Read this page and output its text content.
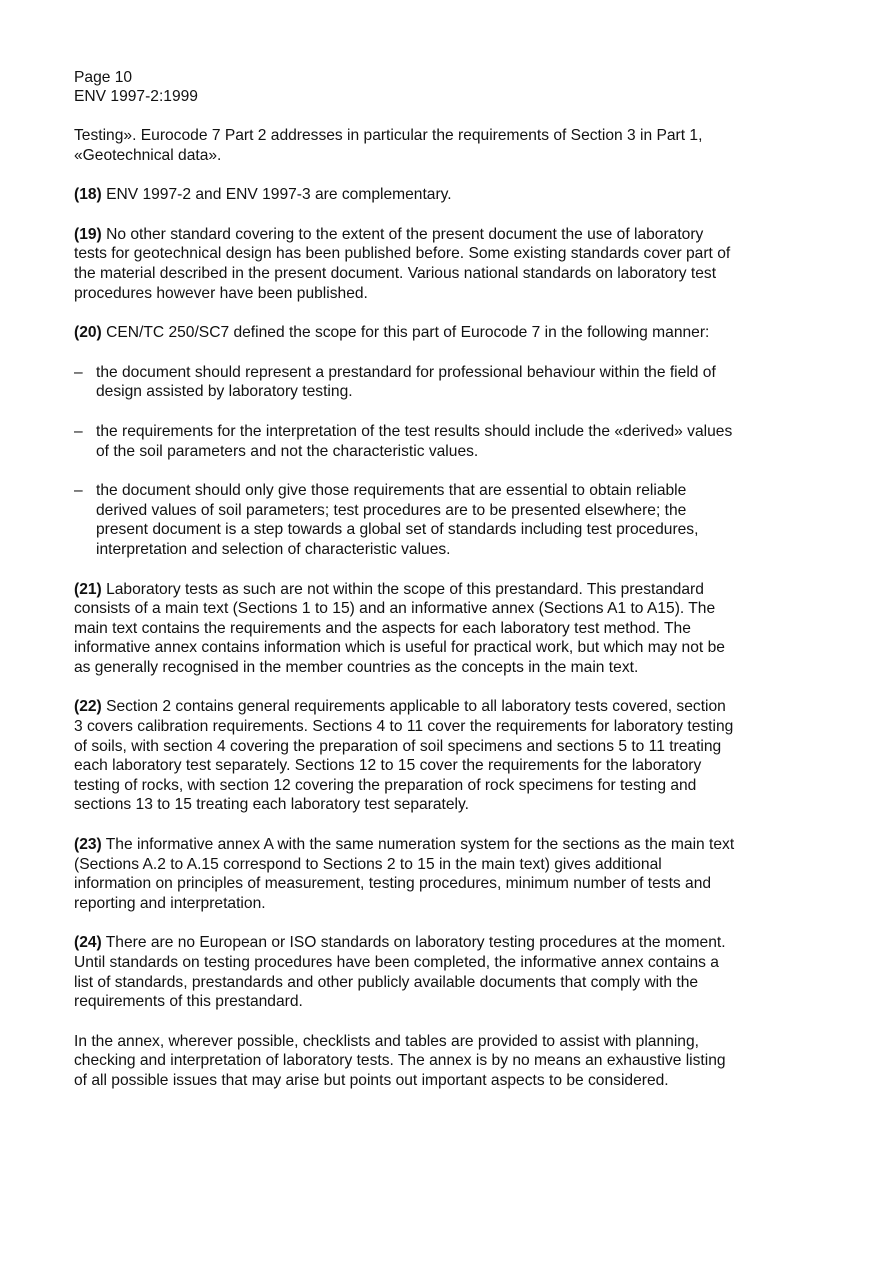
Page 10
ENV 1997-2:1999

Testing». Eurocode 7 Part 2 addresses in particular the requirements of Section 3 in Part 1, «Geotechnical data».

(18) ENV 1997-2 and ENV 1997-3 are complementary.

(19) No other standard covering to the extent of the present document the use of laboratory tests for geotechnical design has been published before. Some existing standards cover part of the material described in the present document. Various national standards on laboratory test procedures however have been published.

(20) CEN/TC 250/SC7 defined the scope for this part of Eurocode 7 in the following manner:

– the document should represent a prestandard for professional behaviour within the field of design assisted by laboratory testing.
– the requirements for the interpretation of the test results should include the «derived» values of the soil parameters and not the characteristic values.
– the document should only give those requirements that are essential to obtain reliable derived values of soil parameters; test procedures are to be presented elsewhere; the present document is a step towards a global set of standards including test procedures, interpretation and selection of characteristic values.

(21) Laboratory tests as such are not within the scope of this prestandard. This prestandard consists of a main text (Sections 1 to 15) and an informative annex (Sections A1 to A15). The main text contains the requirements and the aspects for each laboratory test method. The informative annex contains information which is useful for practical work, but which may not be as generally recognised in the member countries as the concepts in the main text.

(22) Section 2 contains general requirements applicable to all laboratory tests covered, section 3 covers calibration requirements. Sections 4 to 11 cover the requirements for laboratory testing of soils, with section 4 covering the preparation of soil specimens and sections 5 to 11 treating each laboratory test separately. Sections 12 to 15 cover the requirements for the laboratory testing of rocks, with section 12 covering the preparation of rock specimens for testing and sections 13 to 15 treating each laboratory test separately.

(23) The informative annex A with the same numeration system for the sections as the main text (Sections A.2 to A.15 correspond to Sections 2 to 15 in the main text) gives additional information on principles of measurement, testing procedures, minimum number of tests and reporting and interpretation.

(24) There are no European or ISO standards on laboratory testing procedures at the moment. Until standards on testing procedures have been completed, the informative annex contains a list of standards, prestandards and other publicly available documents that comply with the requirements of this prestandard.

In the annex, wherever possible, checklists and tables are provided to assist with planning, checking and interpretation of laboratory tests. The annex is by no means an exhaustive listing of all possible issues that may arise but points out important aspects to be considered.
